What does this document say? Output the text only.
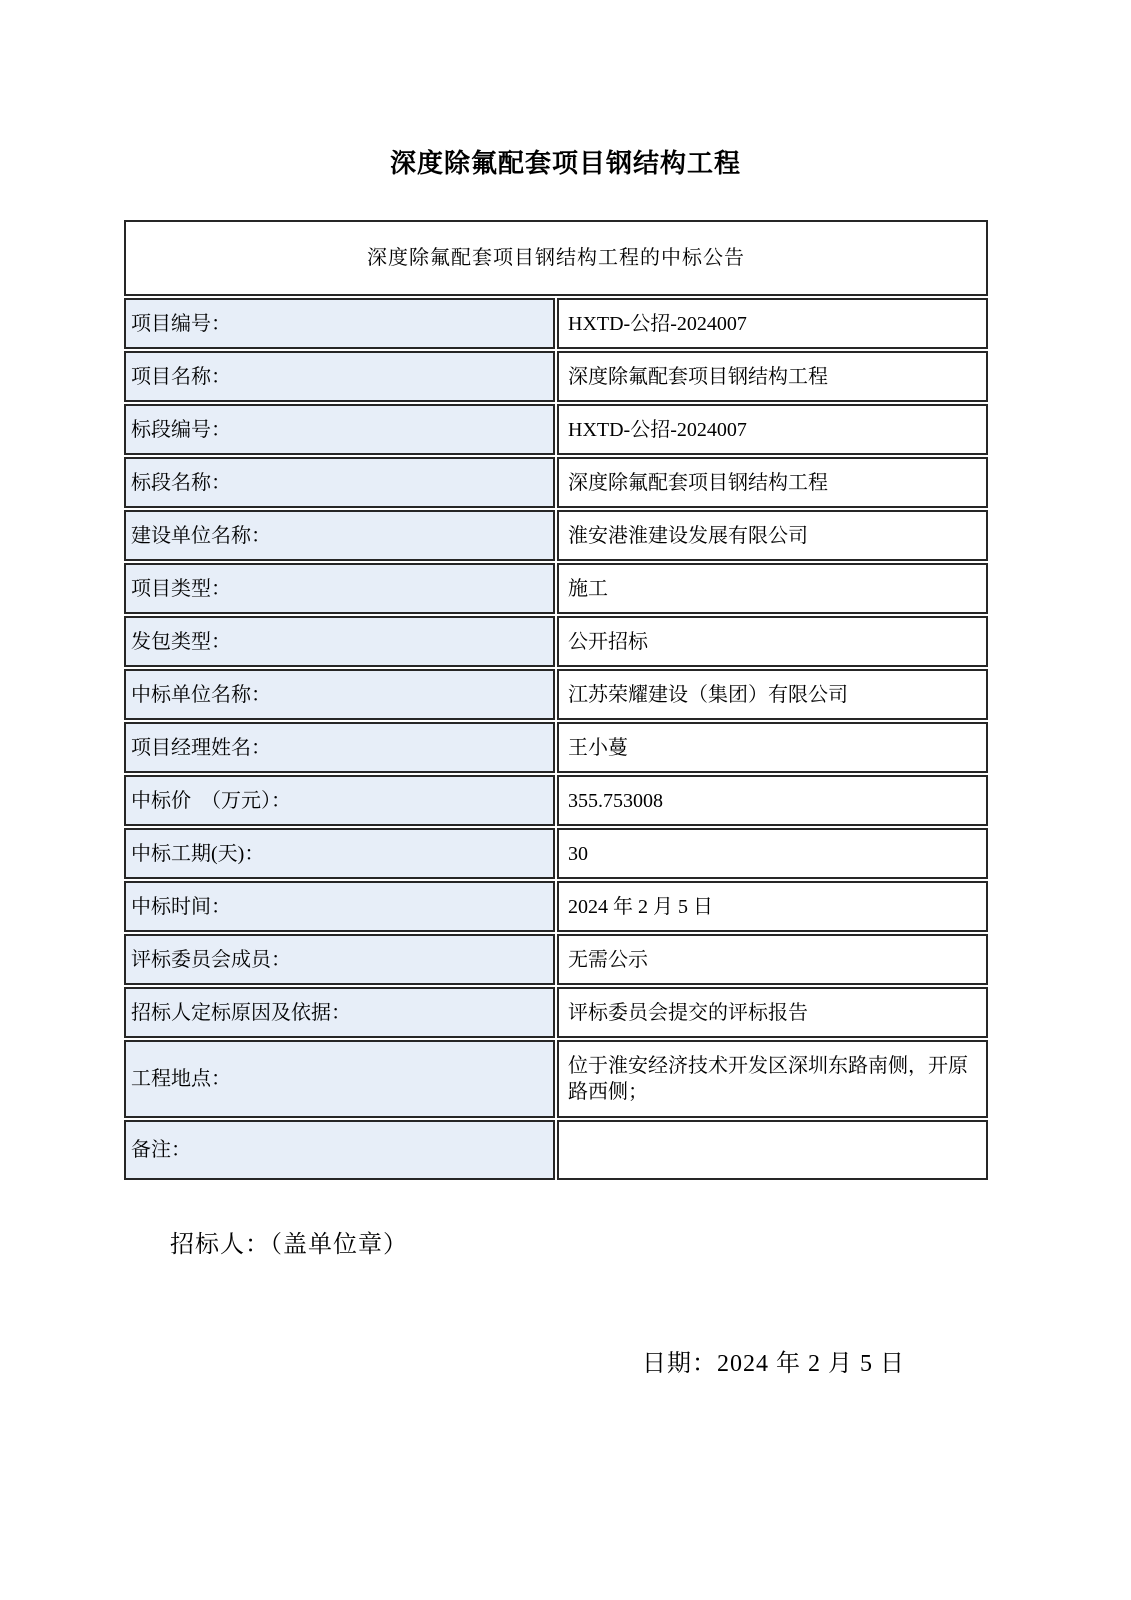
深度除氟配套项目钢结构工程
深度除氟配套项目钢结构工程的中标公告	
项目编号：	HXTD-公招-2024007
项目名称：	深度除氟配套项目钢结构工程
标段编号：	HXTD-公招-2024007
标段名称：	深度除氟配套项目钢结构工程
建设单位名称：	淮安港淮建设发展有限公司
项目类型：	施工
发包类型：	公开招标
中标单位名称：	江苏荣耀建设（集团）有限公司
项目经理姓名：	王小蔓
中标价　（万元）：	355.753008
中标工期(天)：	30
中标时间：	2024 年 2 月 5 日
评标委员会成员：	无需公示
招标人定标原因及依据：	评标委员会提交的评标报告
工程地点：	位于淮安经济技术开发区深圳东路南侧，开原路西侧；
备注：	

招标人：（盖单位章）

日期：2024 年 2 月 5 日
